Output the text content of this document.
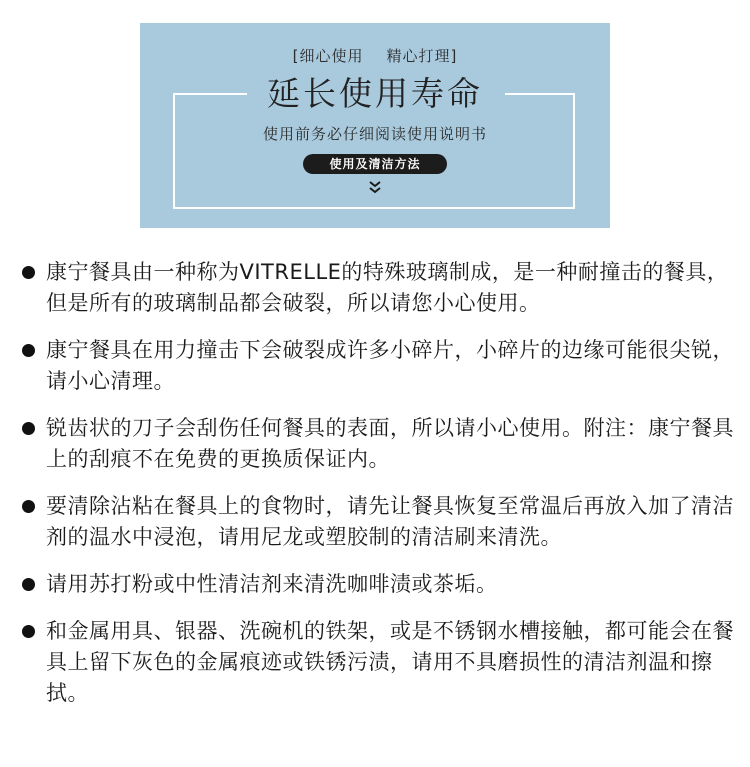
[细心使用    精心打理]
延长使用寿命
使用前务必仔细阅读使用说明书
使用及清洁方法
康宁餐具由一种称为VITRELLE的特殊玻璃制成，是一种耐撞击的餐具，但是所有的玻璃制品都会破裂，所以请您小心使用。
康宁餐具在用力撞击下会破裂成许多小碎片，小碎片的边缘可能很尖锐，请小心清理。
锐齿状的刀子会刮伤任何餐具的表面，所以请小心使用。附注：康宁餐具上的刮痕不在免费的更换质保证内。
要清除沾粘在餐具上的食物时，请先让餐具恢复至常温后再放入加了清洁剂的温水中浸泡，请用尼龙或塑胶制的清洁刷来清洗。
请用苏打粉或中性清洁剂来清洗咖啡渍或茶垢。
和金属用具、银器、洗碗机的铁架，或是不锈钢水槽接触，都可能会在餐具上留下灰色的金属痕迹或铁锈污渍，请用不具磨损性的清洁剂温和擦拭。
